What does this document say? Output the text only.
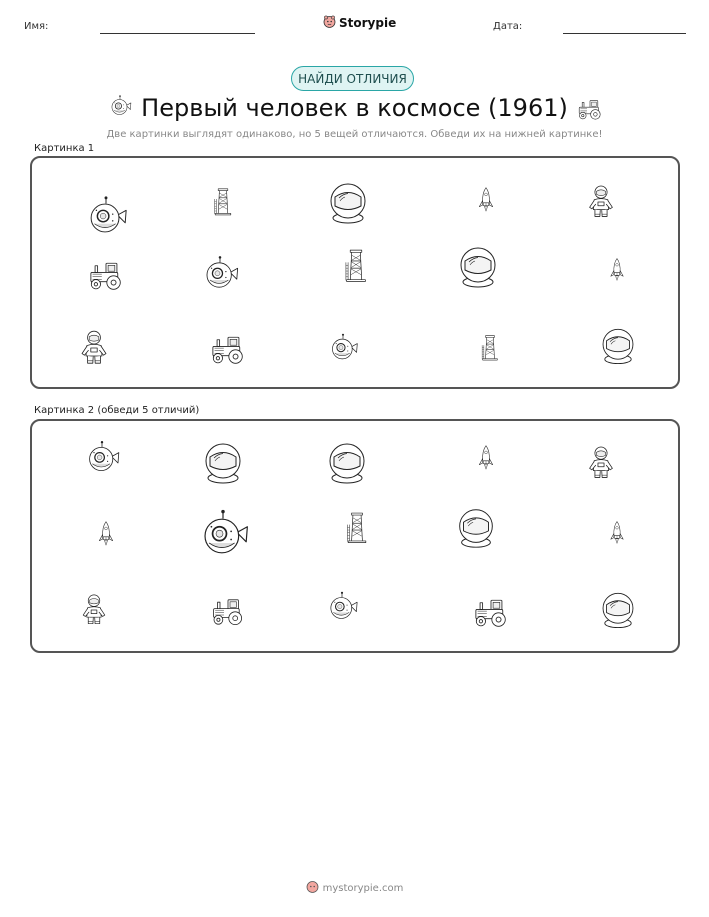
Имя:	Дата:
Storypie
НАЙДИ ОТЛИЧИЯ
Первый человек в космосе (1961)
Две картинки выглядят одинаково, но 5 вещей отличаются. Обведи их на нижней картинке!
Картинка 1
Картинка 2 (обведи 5 отличий)
mystorypie.com
